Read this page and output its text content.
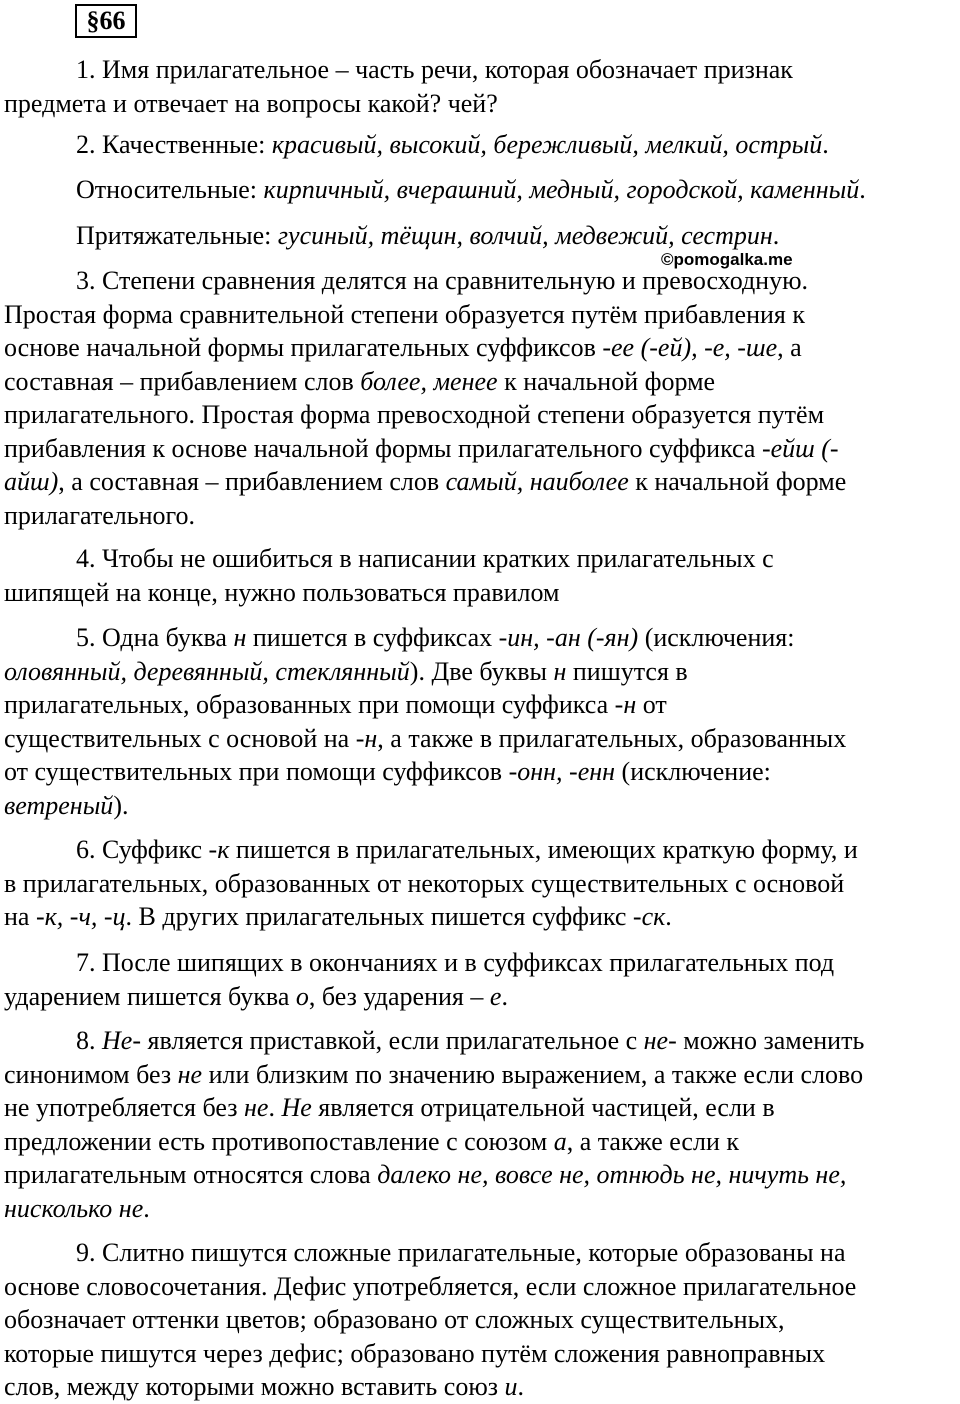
§66
©pomogalka.me
1. Имя прилагательное – часть речи, которая обозначает признак
предмета и отвечает на вопросы какой? чей?
2. Качественные: красивый, высокий, бережливый, мелкий, острый.
Относительные: кирпичный, вчерашний, медный, городской, каменный.
Притяжательные: гусиный, тёщин, волчий, медвежий, сестрин.
3. Степени сравнения делятся на сравнительную и превосходную.
Простая форма сравнительной степени образуется путём прибавления к
основе начальной формы прилагательных суффиксов -ее (-ей), -е, -ше, а
составная – прибавлением слов более, менее к начальной форме
прилагательного. Простая форма превосходной степени образуется путём
прибавления к основе начальной формы прилагательного суффикса -ейш (-
айш), а составная – прибавлением слов самый, наиболее к начальной форме
прилагательного.
4. Чтобы не ошибиться в написании кратких прилагательных с
шипящей на конце, нужно пользоваться правилом
5. Одна буква н пишется в суффиксах -ин, -ан (-ян) (исключения:
оловянный, деревянный, стеклянный). Две буквы н пишутся в
прилагательных, образованных при помощи суффикса -н от
существительных с основой на -н, а также в прилагательных, образованных
от существительных при помощи суффиксов -онн, -енн (исключение:
ветреный).
6. Суффикс -к пишется в прилагательных, имеющих краткую форму, и
в прилагательных, образованных от некоторых существительных с основой
на -к, -ч, -ц. В других прилагательных пишется суффикс -ск.
7. После шипящих в окончаниях и в суффиксах прилагательных под
ударением пишется буква о, без ударения – е.
8. Не- является приставкой, если прилагательное с не- можно заменить
синонимом без не или близким по значению выражением, а также если слово
не употребляется без не. Не является отрицательной частицей, если в
предложении есть противопоставление с союзом а, а также если к
прилагательным относятся слова далеко не, вовсе не, отнюдь не, ничуть не,
нисколько не.
9. Слитно пишутся сложные прилагательные, которые образованы на
основе словосочетания. Дефис употребляется, если сложное прилагательное
обозначает оттенки цветов; образовано от сложных существительных,
которые пишутся через дефис; образовано путём сложения равноправных
слов, между которыми можно вставить союз и.
